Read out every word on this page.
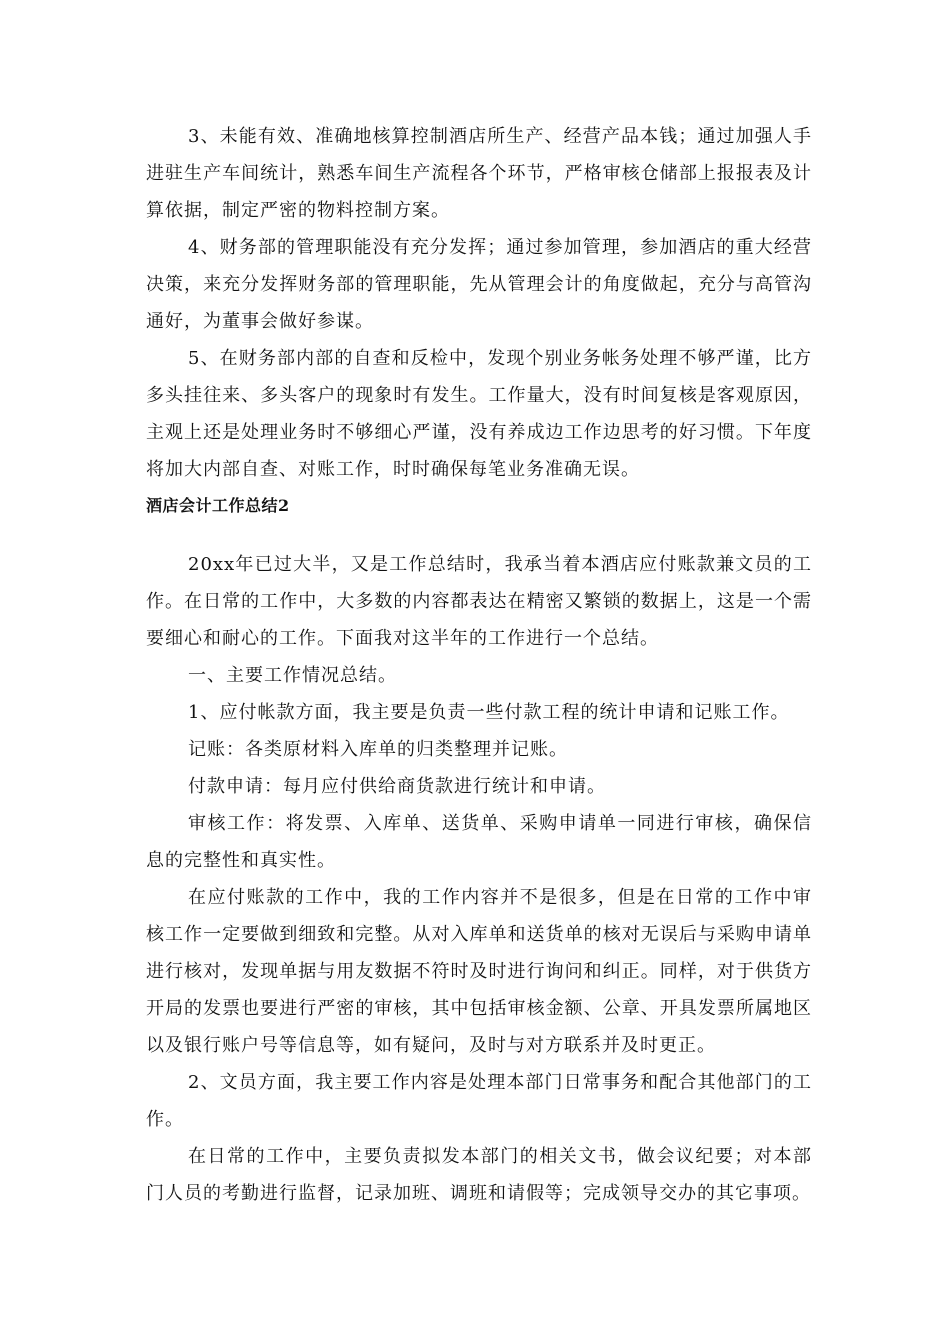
3、未能有效、准确地核算控制酒店所生产、经营产品本钱；通过加强人手进驻生产车间统计，熟悉车间生产流程各个环节，严格审核仓储部上报报表及计算依据，制定严密的物料控制方案。

4、财务部的管理职能没有充分发挥；通过参加管理，参加酒店的重大经营决策，来充分发挥财务部的管理职能，先从管理会计的角度做起，充分与高管沟通好，为董事会做好参谋。

5、在财务部内部的自查和反检中，发现个别业务帐务处理不够严谨，比方多头挂往来、多头客户的现象时有发生。工作量大，没有时间复核是客观原因，主观上还是处理业务时不够细心严谨，没有养成边工作边思考的好习惯。下年度将加大内部自查、对账工作，时时确保每笔业务准确无误。

酒店会计工作总结2

20xx年已过大半，又是工作总结时，我承当着本酒店应付账款兼文员的工作。在日常的工作中，大多数的内容都表达在精密又繁锁的数据上，这是一个需要细心和耐心的工作。下面我对这半年的工作进行一个总结。

一、主要工作情况总结。

1、应付帐款方面，我主要是负责一些付款工程的统计申请和记账工作。

记账：各类原材料入库单的归类整理并记账。

付款申请：每月应付供给商货款进行统计和申请。

审核工作：将发票、入库单、送货单、采购申请单一同进行审核，确保信息的完整性和真实性。

在应付账款的工作中，我的工作内容并不是很多，但是在日常的工作中审核工作一定要做到细致和完整。从对入库单和送货单的核对无误后与采购申请单进行核对，发现单据与用友数据不符时及时进行询问和纠正。同样，对于供货方开局的发票也要进行严密的审核，其中包括审核金额、公章、开具发票所属地区以及银行账户号等信息等，如有疑问，及时与对方联系并及时更正。

2、文员方面，我主要工作内容是处理本部门日常事务和配合其他部门的工作。

在日常的工作中，主要负责拟发本部门的相关文书，做会议纪要；对本部门人员的考勤进行监督，记录加班、调班和请假等；完成领导交办的其它事项。
